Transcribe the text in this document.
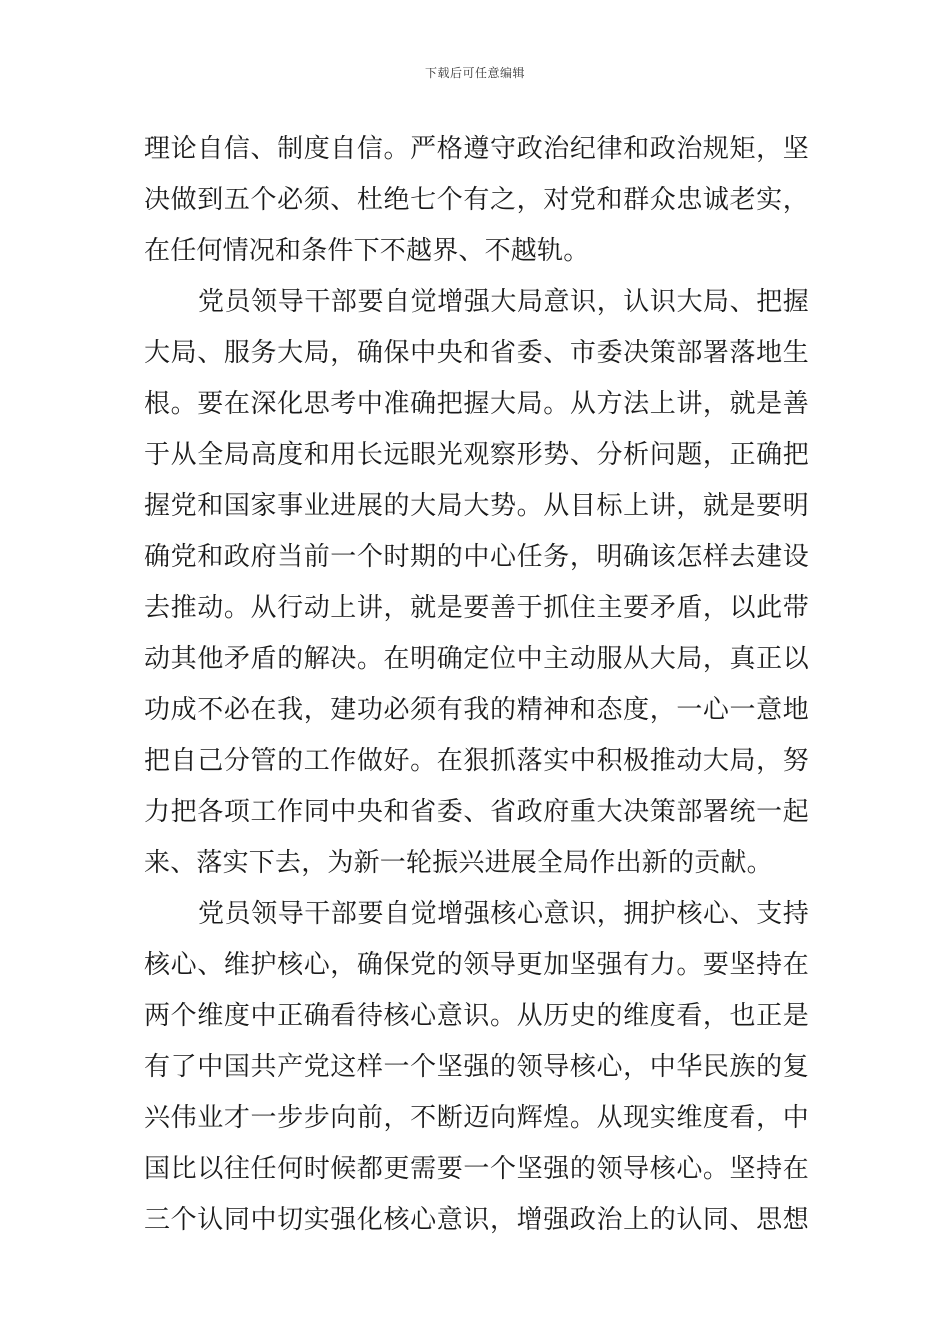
下载后可任意编辑
理论自信、制度自信。严格遵守政治纪律和政治规矩，坚
决做到五个必须、杜绝七个有之，对党和群众忠诚老实，
在任何情况和条件下不越界、不越轨。
党员领导干部要自觉增强大局意识，认识大局、把握
大局、服务大局，确保中央和省委、市委决策部署落地生
根。要在深化思考中准确把握大局。从方法上讲，就是善
于从全局高度和用长远眼光观察形势、分析问题，正确把
握党和国家事业进展的大局大势。从目标上讲，就是要明
确党和政府当前一个时期的中心任务，明确该怎样去建设
去推动。从行动上讲，就是要善于抓住主要矛盾，以此带
动其他矛盾的解决。在明确定位中主动服从大局，真正以
功成不必在我，建功必须有我的精神和态度，一心一意地
把自己分管的工作做好。在狠抓落实中积极推动大局，努
力把各项工作同中央和省委、省政府重大决策部署统一起
来、落实下去，为新一轮振兴进展全局作出新的贡献。
党员领导干部要自觉增强核心意识，拥护核心、支持
核心、维护核心，确保党的领导更加坚强有力。要坚持在
两个维度中正确看待核心意识。从历史的维度看，也正是
有了中国共产党这样一个坚强的领导核心，中华民族的复
兴伟业才一步步向前，不断迈向辉煌。从现实维度看，中
国比以往任何时候都更需要一个坚强的领导核心。坚持在
三个认同中切实强化核心意识，增强政治上的认同、思想
